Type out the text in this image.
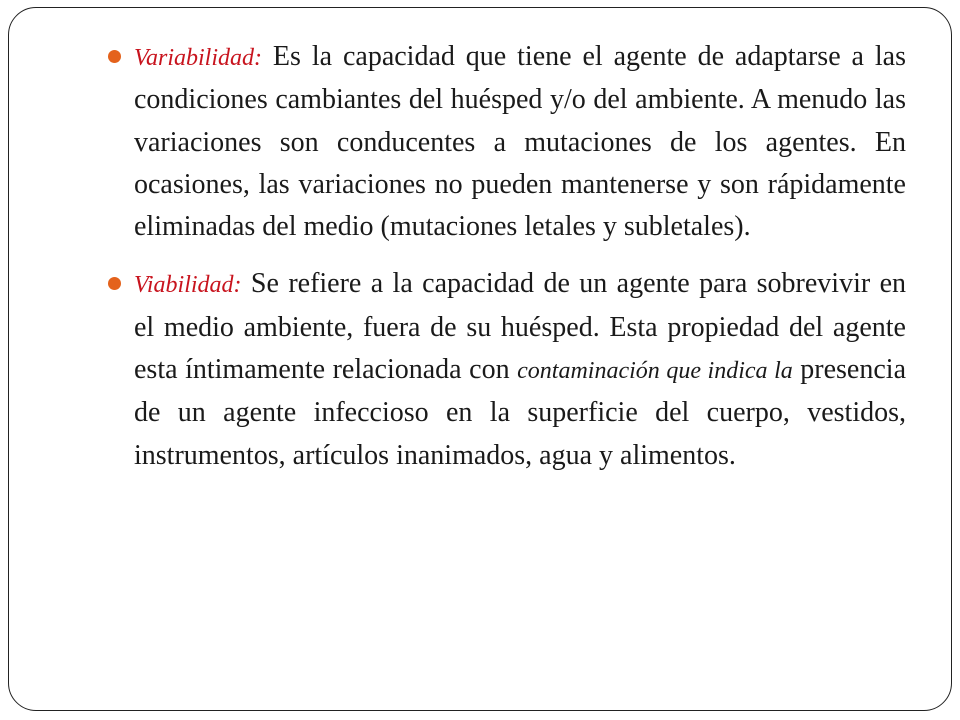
Variabilidad: Es la capacidad que tiene el agente de adaptarse a las condiciones cambiantes del huésped y/o del ambiente. A menudo las variaciones son conducentes a mutaciones de los agentes. En ocasiones, las variaciones no pueden mantenerse y son rápidamente eliminadas del medio (mutaciones letales y subletales).
Viabilidad: Se refiere a la capacidad de un agente para sobrevivir en el medio ambiente, fuera de su huésped. Esta propiedad del agente esta íntimamente relacionada con contaminación que indica la presencia de un agente infeccioso en la superficie del cuerpo, vestidos, instrumentos, artículos inanimados, agua y alimentos.
